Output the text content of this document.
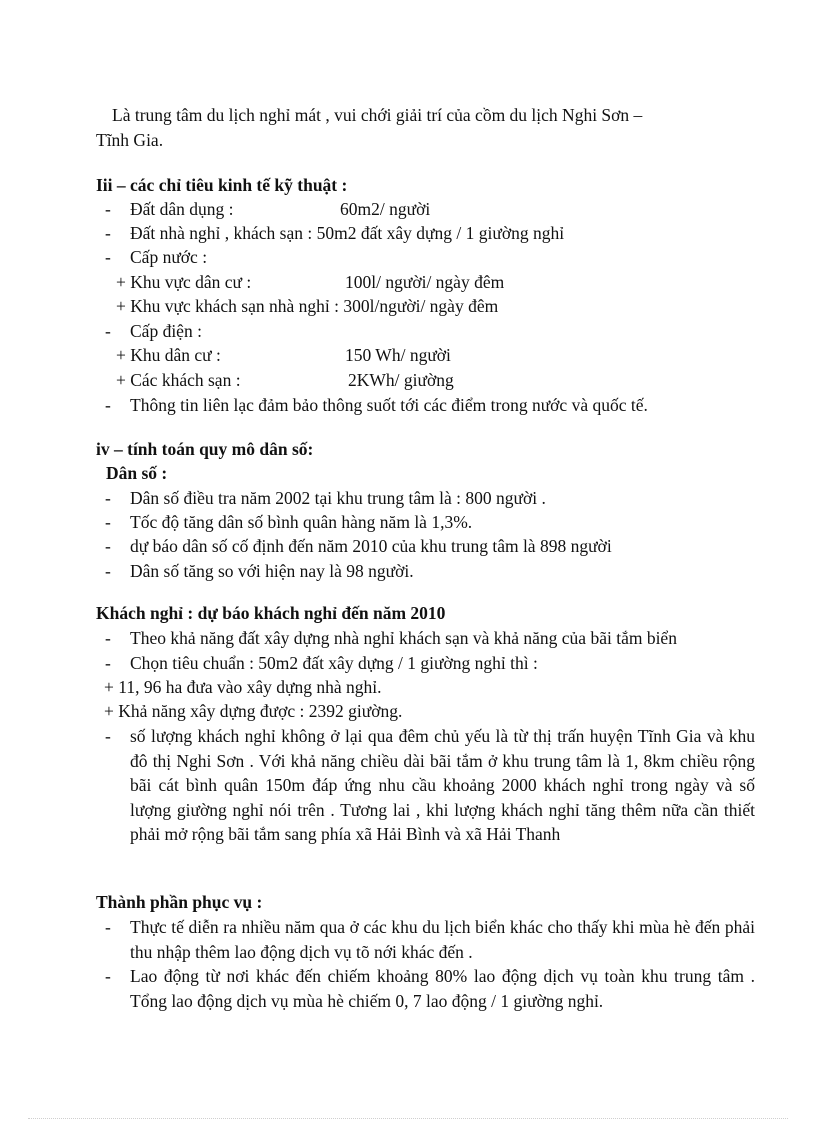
Là trung tâm du lịch nghỉ mát , vui chới giải trí của cồm du lịch Nghi Sơn –
Tĩnh Gia.
Iii – các chỉ tiêu kinh tế kỹ thuật :
- Đất dân dụng :	60m2/ người
- Đất nhà nghỉ , khách sạn : 50m2 đất xây dựng / 1 giường nghỉ
- Cấp nước :
+ Khu vực dân cư :	100l/ người/ ngày đêm
+ Khu vực khách sạn nhà nghỉ : 300l/người/ ngày đêm
- Cấp điện :
+ Khu dân cư :	150 Wh/ người
+ Các khách sạn :	2KWh/ giường
- Thông tin liên lạc đảm bảo thông suốt tới các điểm trong nước và quốc tế.
iv – tính toán quy mô dân số:
Dân số :
- Dân số điều tra năm 2002 tại khu trung tâm là : 800 người .
- Tốc độ tăng dân số bình quân hàng năm là 1,3%.
- dự báo dân số cố định đến năm 2010 của khu trung tâm là 898 người
- Dân số tăng so với hiện nay là 98 người.
Khách nghỉ : dự báo khách nghỉ đến năm 2010
- Theo khả năng đất xây dựng nhà nghỉ khách sạn và khả năng của bãi tắm biển
- Chọn tiêu chuẩn : 50m2 đất xây dựng / 1 giường nghỉ thì :
+ 11, 96 ha đưa vào xây dựng nhà nghỉ.
+ Khả năng xây dựng được : 2392 giường.
- số lượng khách nghỉ không ở lại qua đêm chủ yếu là từ thị trấn huyện Tĩnh Gia và khu đô thị Nghi Sơn . Với khả năng chiều dài bãi tắm ở khu trung tâm là 1, 8km chiều rộng bãi cát bình quân 150m đáp ứng nhu cầu khoảng 2000 khách nghỉ trong ngày và số lượng giường nghỉ nói trên . Tương lai , khi lượng khách nghỉ tăng thêm nữa cần thiết phải mở rộng bãi tắm sang phía xã Hải Bình và xã Hải Thanh
Thành phần phục vụ :
- Thực tế diễn ra nhiều năm qua ở các khu du lịch biển khác cho thấy khi mùa hè đến phải thu nhập thêm lao động dịch vụ tõ nới khác đến .
- Lao động từ nơi khác đến chiếm khoảng 80% lao động dịch vụ toàn khu trung tâm . Tổng lao động dịch vụ mùa hè chiếm 0, 7 lao động / 1 giường nghỉ.
